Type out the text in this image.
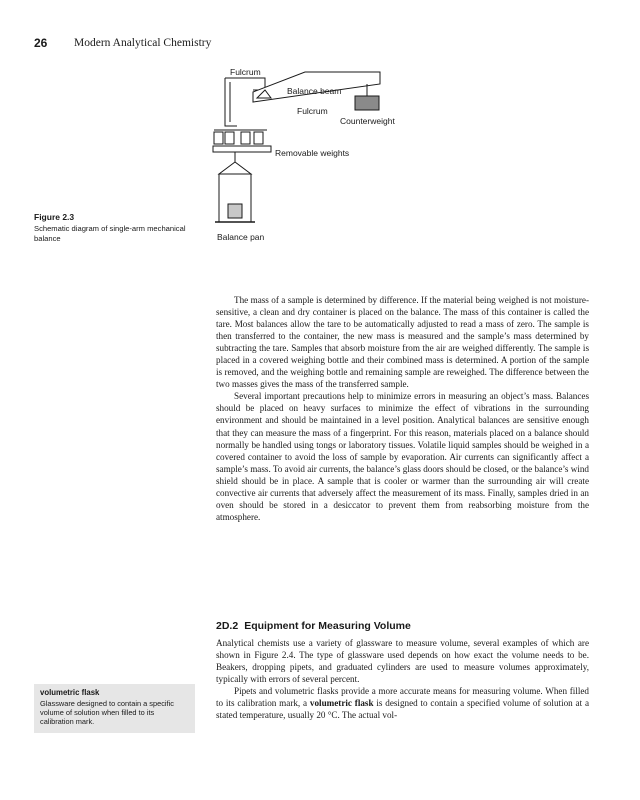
26 Modern Analytical Chemistry
Fulcrum
Balance beam
Fulcrum
Counterweight
Removable weights
Balance pan
Figure 2.3
Schematic diagram of single-arm mechanical balance

The mass of a sample is determined by difference. If the material being weighed is not moisture-sensitive, a clean and dry container is placed on the balance. The mass of this container is called the tare. Most balances allow the tare to be automatically adjusted to read a mass of zero. The sample is then transferred to the container, the new mass is measured and the sample’s mass determined by subtracting the tare. Samples that absorb moisture from the air are weighed differently. The sample is placed in a covered weighing bottle and their combined mass is determined. A portion of the sample is removed, and the weighing bottle and remaining sample are reweighed. The difference between the two masses gives the mass of the transferred sample.

Several important precautions help to minimize errors in measuring an object’s mass. Balances should be placed on heavy surfaces to minimize the effect of vibrations in the surrounding environment and should be maintained in a level position. Analytical balances are sensitive enough that they can measure the mass of a fingerprint. For this reason, materials placed on a balance should normally be handled using tongs or laboratory tissues. Volatile liquid samples should be weighed in a covered container to avoid the loss of sample by evaporation. Air currents can significantly affect a sample’s mass. To avoid air currents, the balance’s glass doors should be closed, or the balance’s wind shield should be in place. A sample that is cooler or warmer than the surrounding air will create convective air currents that adversely affect the measurement of its mass. Finally, samples dried in an oven should be stored in a desiccator to prevent them from reabsorbing moisture from the atmosphere.

2D.2 Equipment for Measuring Volume

Analytical chemists use a variety of glassware to measure volume, several examples of which are shown in Figure 2.4. The type of glassware used depends on how exact the volume needs to be. Beakers, dropping pipets, and graduated cylinders are used to measure volumes approximately, typically with errors of several percent.

Pipets and volumetric flasks provide a more accurate means for measuring volume. When filled to its calibration mark, a volumetric flask is designed to contain a specified volume of solution at a stated temperature, usually 20 °C. The actual vol-

volumetric flask
Glassware designed to contain a specific volume of solution when filled to its calibration mark.
